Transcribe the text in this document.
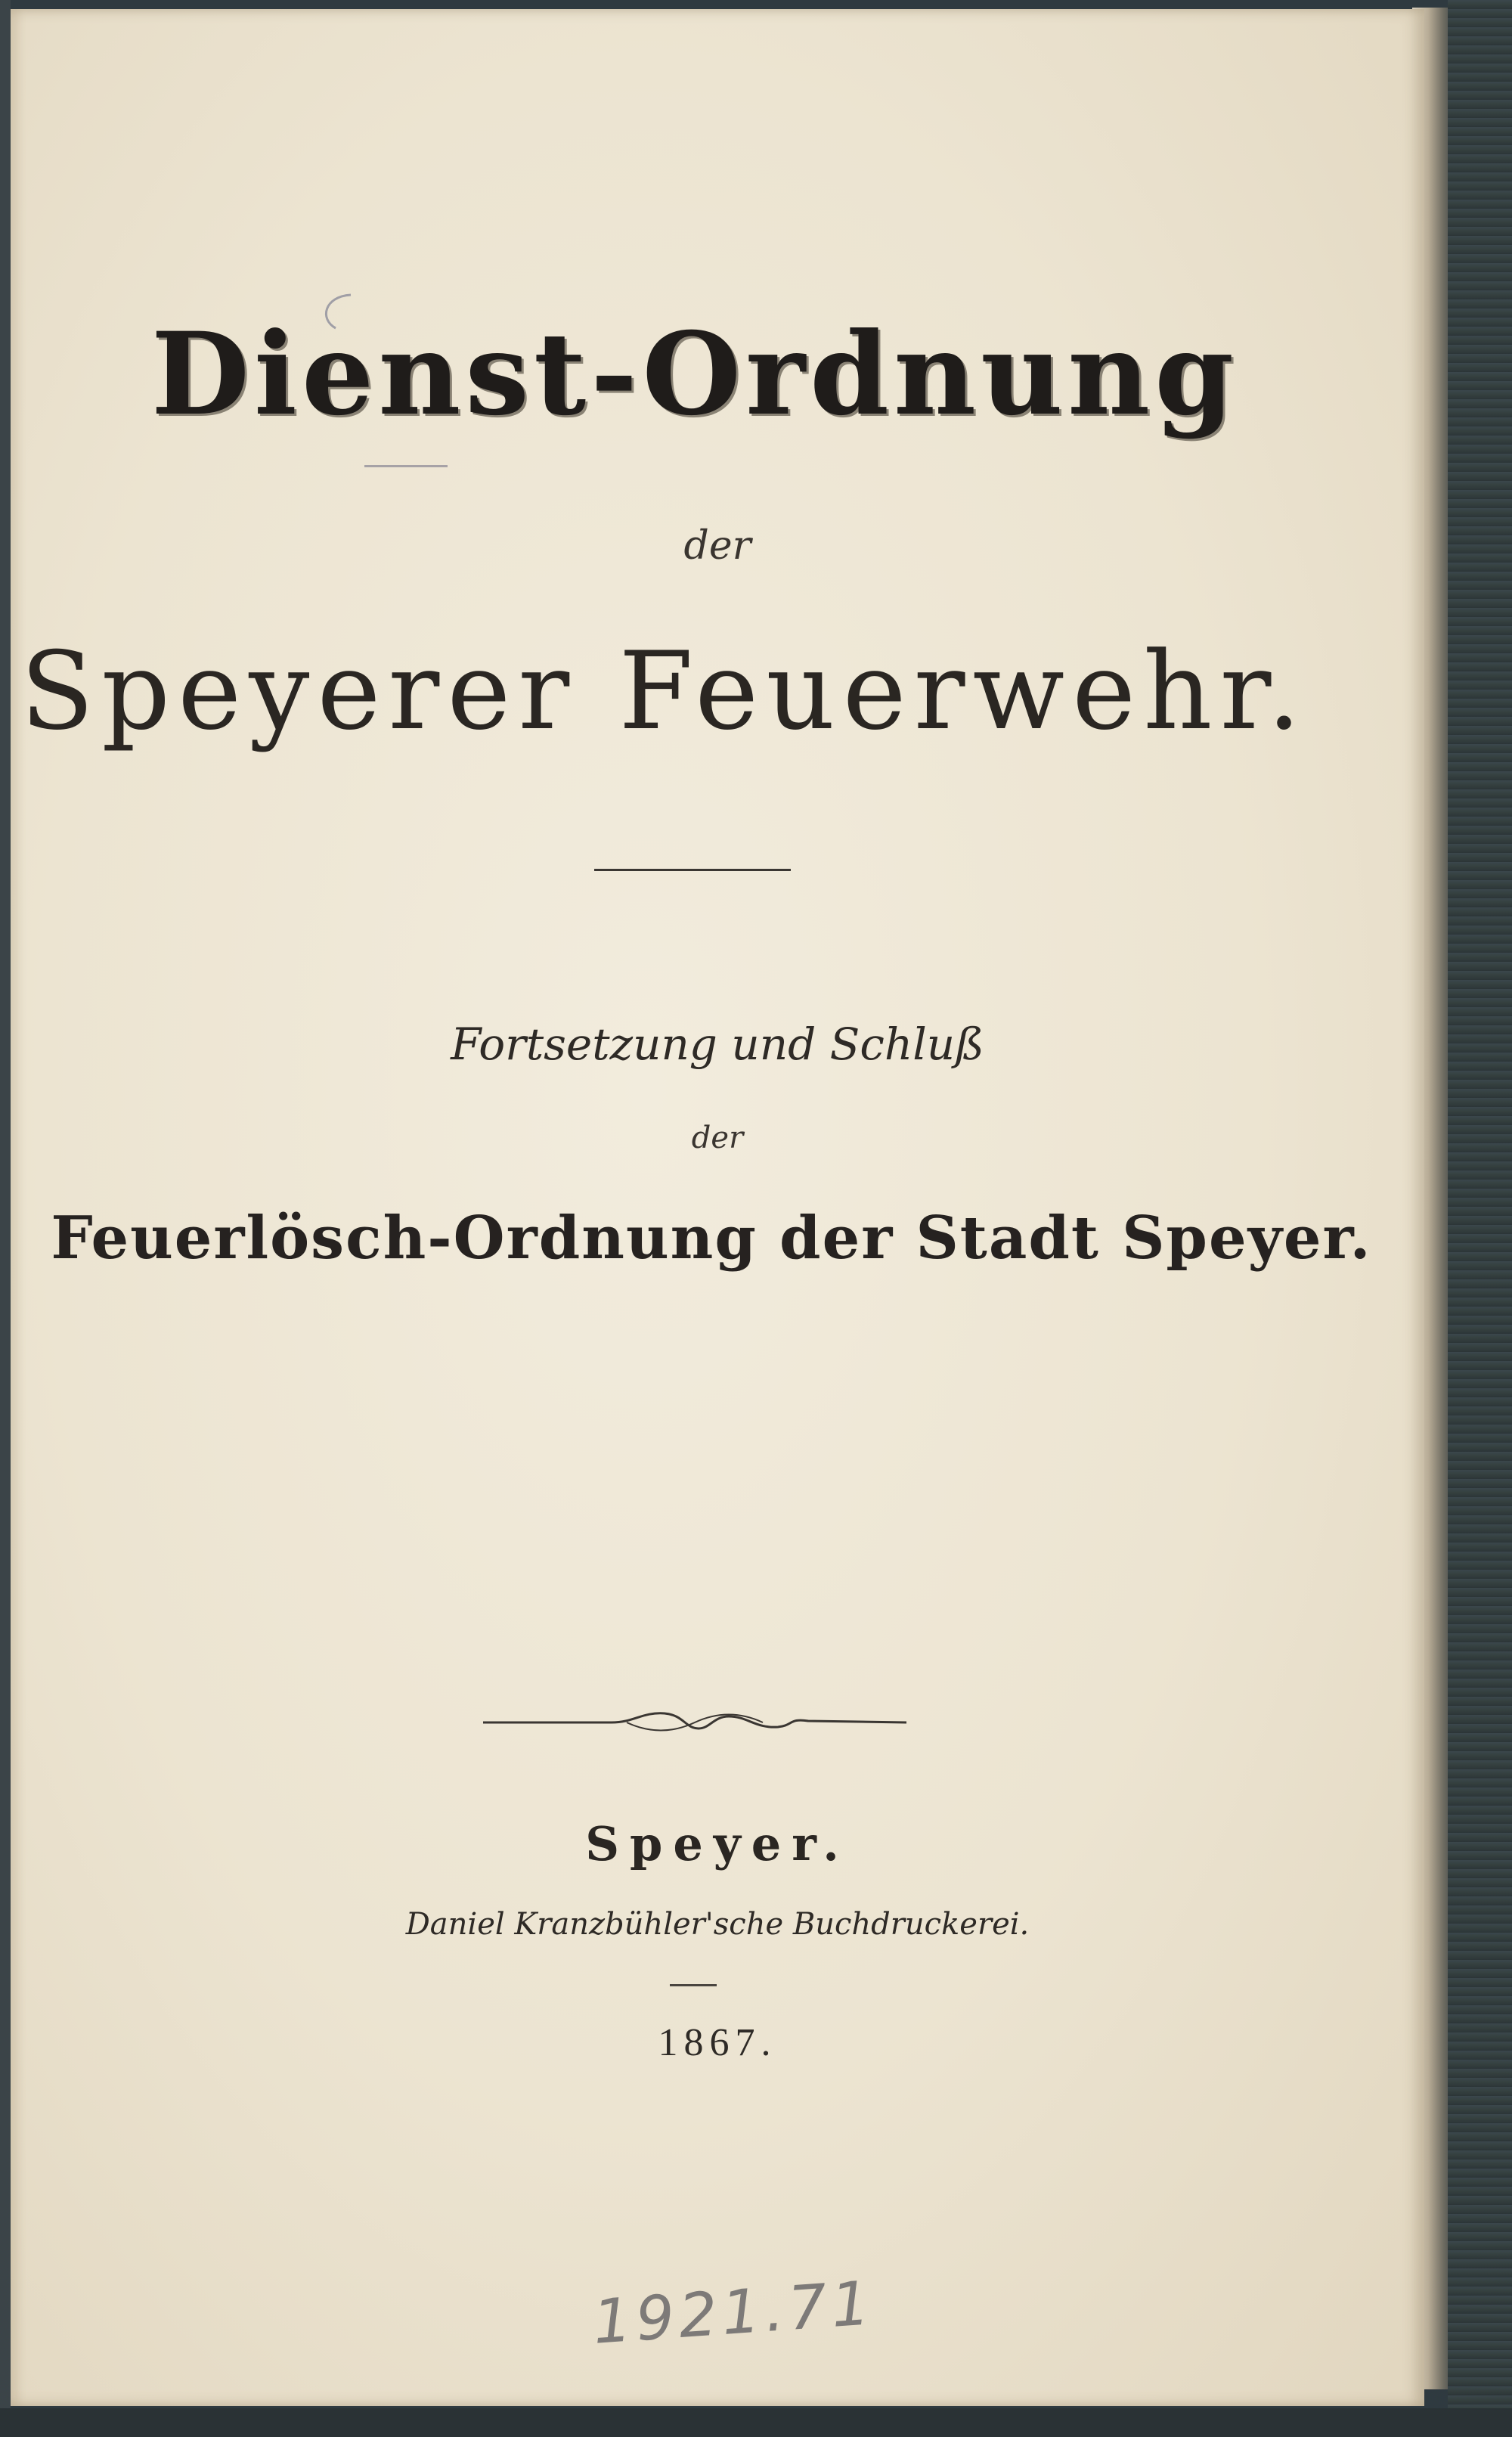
Dienst-Ordnung
der
Speyerer Feuerwehr.
Fortsetzung und Schluß
der
Feuerlösch-Ordnung der Stadt Speyer.
Speyer.
Daniel Kranzbühler'sche Buchdruckerei.
1867.
1921.71
